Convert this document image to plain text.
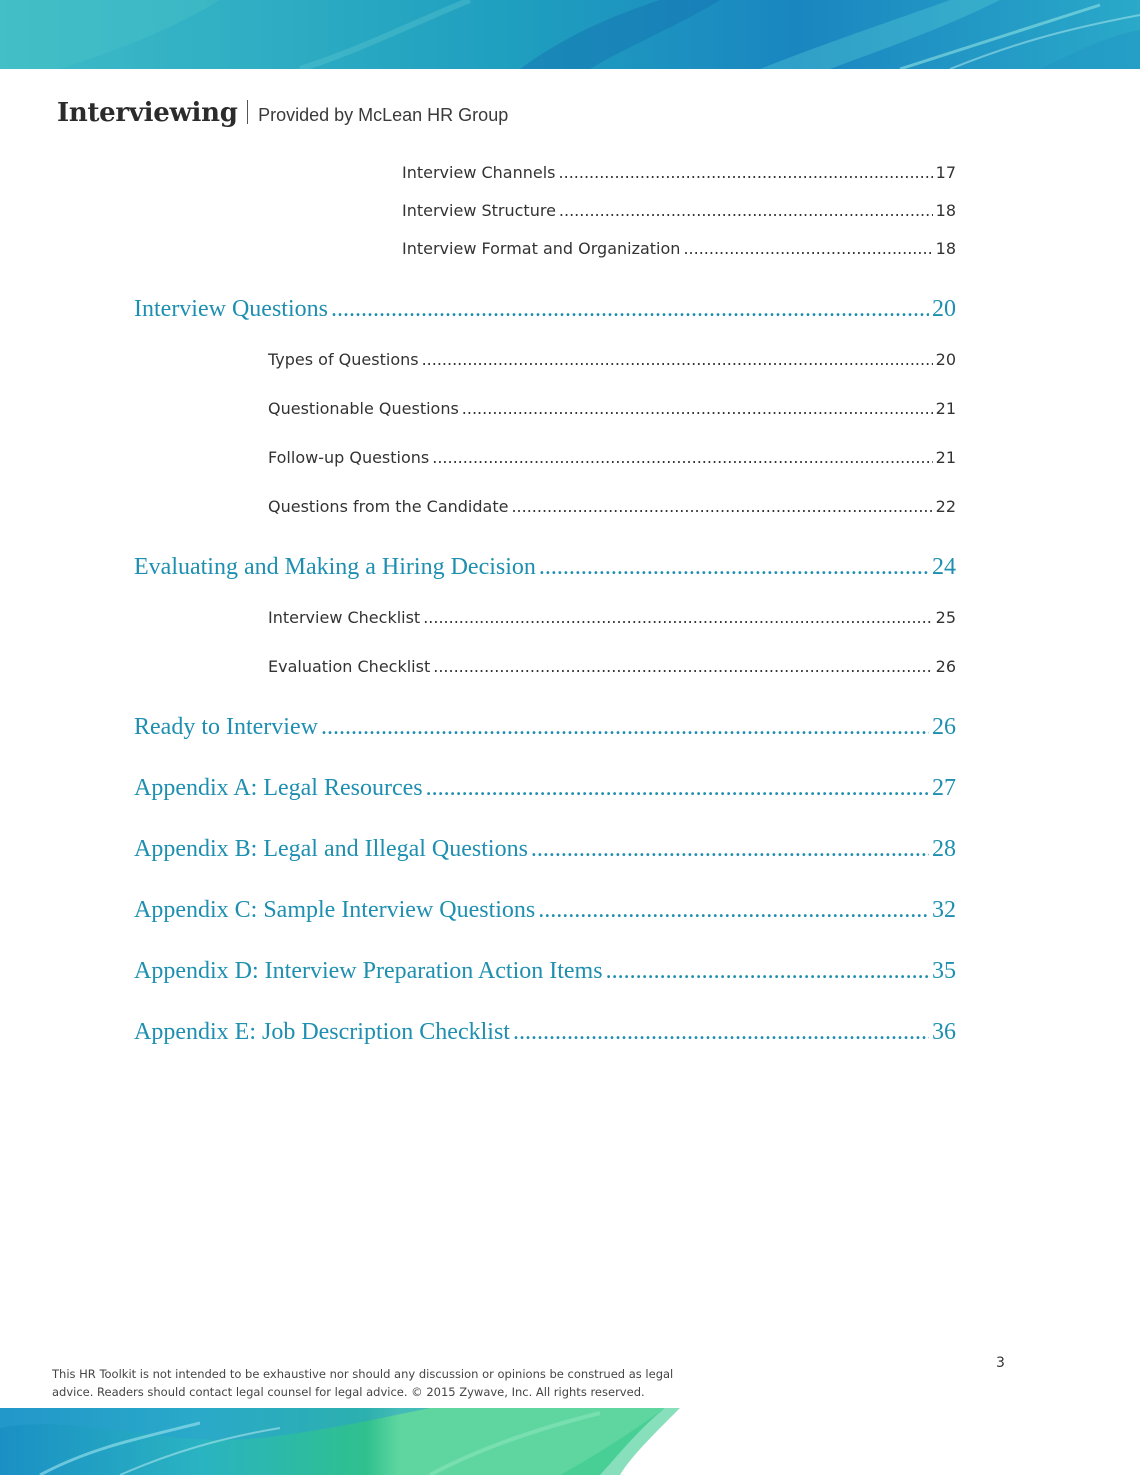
Interviewing Provided by McLean HR Group
Interview Channels .....	17
Interview Structure .....	18
Interview Format and Organization .....	18
Interview Questions .....	20
Types of Questions .....	20
Questionable Questions .....	21
Follow-up Questions .....	21
Questions from the Candidate .....	22
Evaluating and Making a Hiring Decision .....	24
Interview Checklist .....	25
Evaluation Checklist .....	26
Ready to Interview .....	26
Appendix A: Legal Resources .....	27
Appendix B: Legal and Illegal Questions .....	28
Appendix C: Sample Interview Questions .....	32
Appendix D: Interview Preparation Action Items .....	35
Appendix E: Job Description Checklist .....	36
This HR Toolkit is not intended to be exhaustive nor should any discussion or opinions be construed as legal
advice. Readers should contact legal counsel for legal advice. © 2015 Zywave, Inc. All rights reserved.
3
